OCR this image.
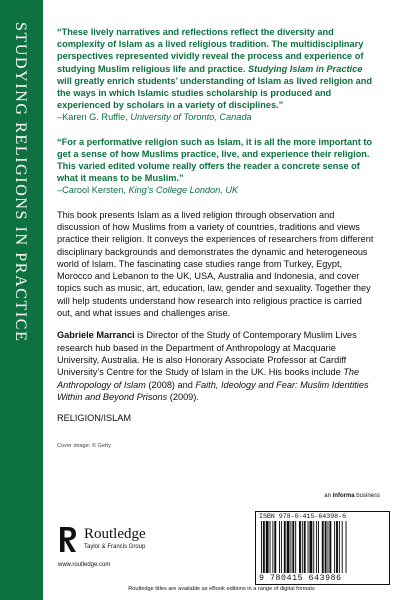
STUDYING RELIGIONS IN PRACTICE	“These lively narratives and reflections reflect the diversity and complexity of Islam as a lived religious tradition. The multidisciplinary perspectives represented vividly reveal the process and experience of studying Muslim religious life and practice. Studying Islam in Practice will greatly enrich students’ understanding of Islam as lived religion and the ways in which Islamic studies scholarship is produced and experienced by scholars in a variety of disciplines.”

–Karen G. Ruffle, University of Toronto, Canada

“For a performative religion such as Islam, it is all the more important to get a sense of how Muslims practice, live, and experience their religion. This varied edited volume really offers the reader a concrete sense of what it means to be Muslim.”

–Carool Kersten, King’s College London, UK

This book presents Islam as a lived religion through observation and discussion of how Muslims from a variety of countries, traditions and views practice their religion. It conveys the experiences of researchers from different disciplinary backgrounds and demonstrates the dynamic and heterogeneous world of Islam. The fascinating case studies range from Turkey, Egypt, Morocco and Lebanon to the UK, USA, Australia and Indonesia, and cover topics such as music, art, education, law, gender and sexuality. Together they will help students understand how research into religious practice is carried out, and what issues and challenges arise.

Gabriele Marranci is Director of the Study of Contemporary Muslim Lives research hub based in the Department of Anthropology at Macquarie University, Australia. He is also Honorary Associate Professor at Cardiff University’s Centre for the Study of Islam in the UK. His books include The Anthropology of Islam (2008) and Faith, Ideology and Fear: Muslim Identities Within and Beyond Prisons (2009).

RELIGION/ISLAM

Cover image: © Getty

an informa business
Routledge
Taylor & Francis Group
www.routledge.com
ISBN 978-0-415-64398-6
9 780415 643986
Routledge titles are available as eBook editions in a range of digital formats
